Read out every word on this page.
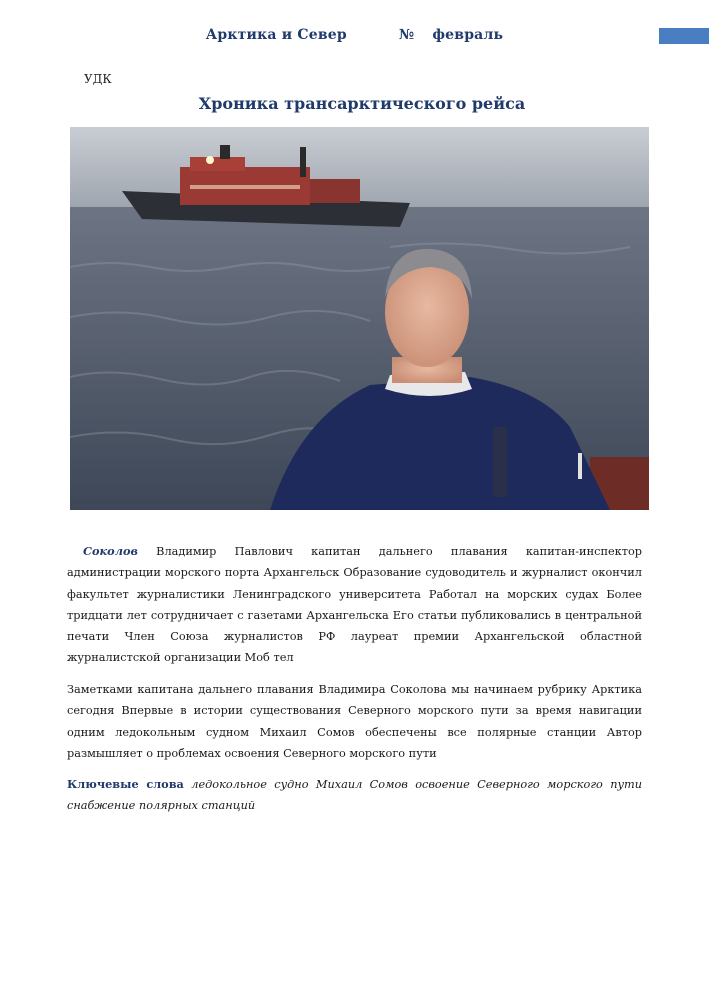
Арктика и Север	№ февраль
УДК
Хроника трансарктического рейса
Соколов Владимир Павлович капитан дальнего плавания капитан-инспектор администрации морского порта Архангельск Образование судоводитель и журналист окончил факультет журналистики Ленинградского университета Работал на морских судах Более тридцати лет сотрудничает с газетами Архангельска Его статьи публиковались в центральной печати Член Союза журналистов РФ лауреат премии Архангельской областной журналистской организации Моб тел
Заметками капитана дальнего плавания Владимира Соколова мы начинаем рубрику Арктика сегодня Впервые в истории существования Северного морского пути за время навигации одним ледокольным судном Михаил Сомов обеспечены все полярные станции Автор размышляет о проблемах освоения Северного морского пути
Ключевые слова ледокольное судно Михаил Сомов освоение Северного морского пути снабжение полярных станций
